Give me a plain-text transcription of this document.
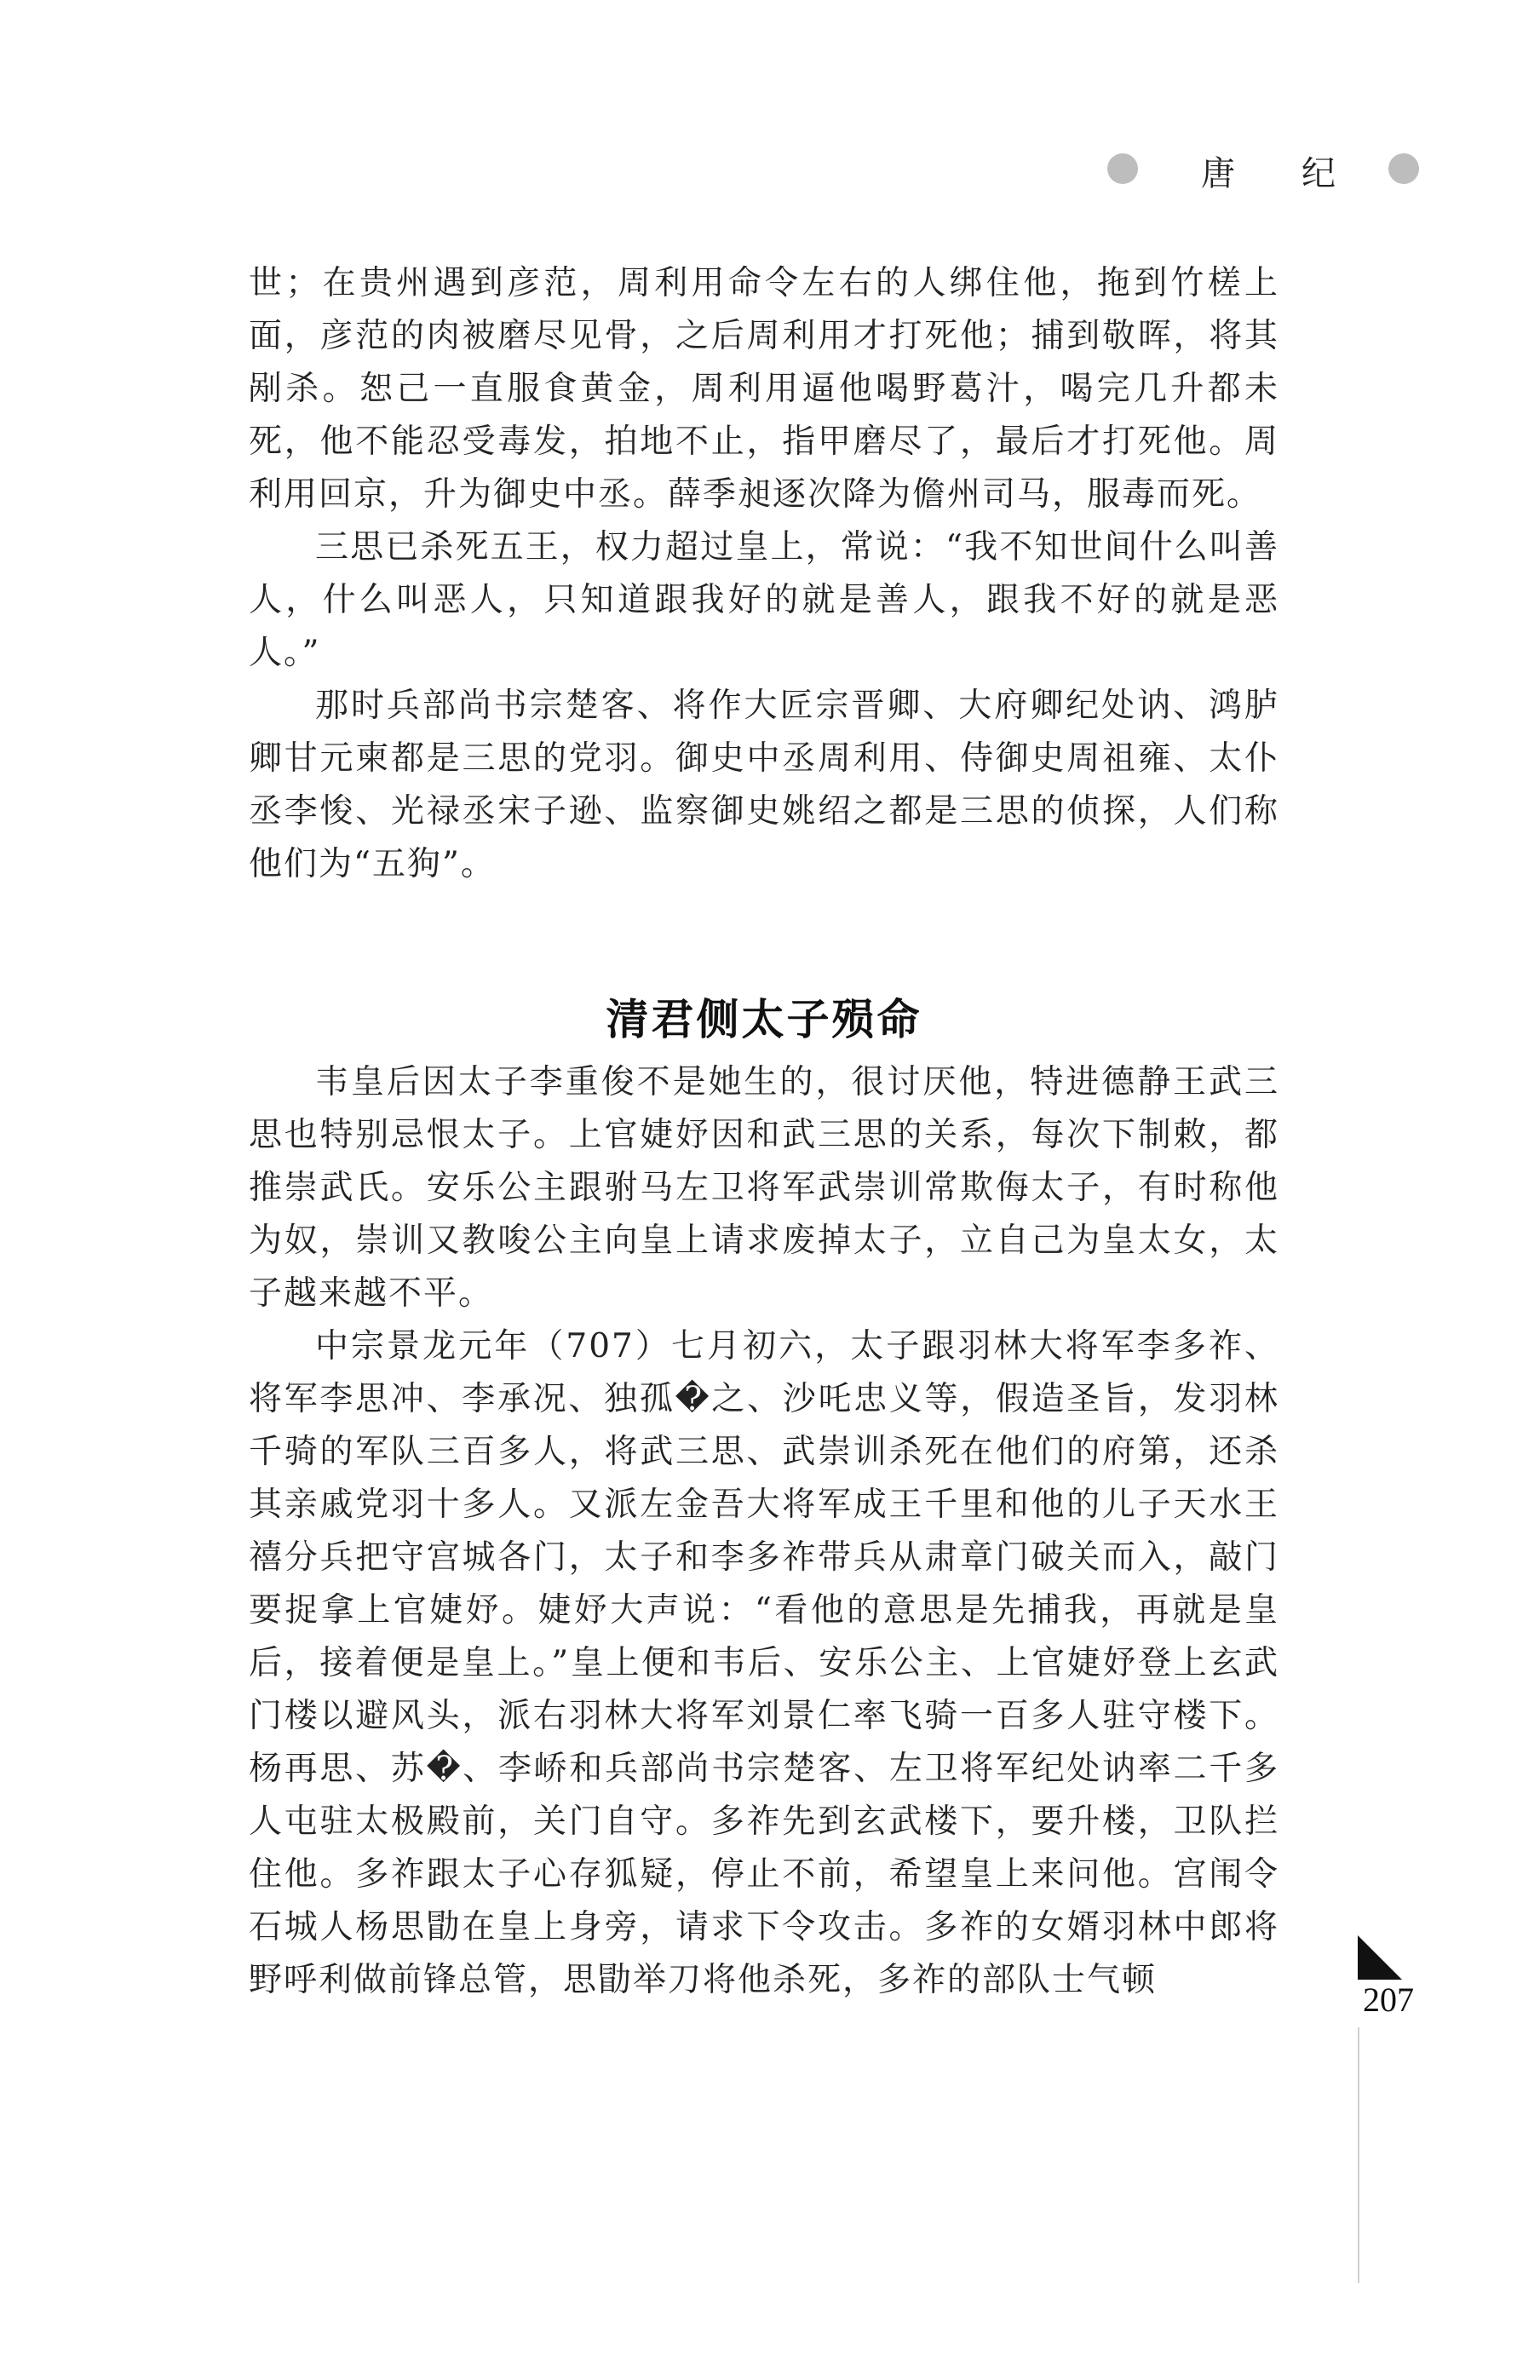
唐 纪

世；在贵州遇到彦范，周利用命令左右的人绑住他，拖到竹槎上面，彦范的肉被磨尽见骨，之后周利用才打死他；捕到敬晖，将其剐杀。恕己一直服食黄金，周利用逼他喝野葛汁，喝完几升都未死，他不能忍受毒发，拍地不止，指甲磨尽了，最后才打死他。周利用回京，升为御史中丞。薛季昶逐次降为儋州司马，服毒而死。

三思已杀死五王，权力超过皇上，常说：“我不知世间什么叫善人，什么叫恶人，只知道跟我好的就是善人，跟我不好的就是恶人。”

那时兵部尚书宗楚客、将作大匠宗晋卿、大府卿纪处讷、鸿胪卿甘元柬都是三思的党羽。御史中丞周利用、侍御史周祖雍、太仆丞李悛、光禄丞宋子逊、监察御史姚绍之都是三思的侦探，人们称他们为“五狗”。

清君侧太子殒命

韦皇后因太子李重俊不是她生的，很讨厌他，特进德静王武三思也特别忌恨太子。上官婕妤因和武三思的关系，每次下制敕，都推崇武氏。安乐公主跟驸马左卫将军武崇训常欺侮太子，有时称他为奴，崇训又教唆公主向皇上请求废掉太子，立自己为皇太女，太子越来越不平。

中宗景龙元年（707）七月初六，太子跟羽林大将军李多祚、将军李思冲、李承况、独孤�之、沙吒忠义等，假造圣旨，发羽林千骑的军队三百多人，将武三思、武崇训杀死在他们的府第，还杀其亲戚党羽十多人。又派左金吾大将军成王千里和他的儿子天水王禧分兵把守宫城各门，太子和李多祚带兵从肃章门破关而入，敲门要捉拿上官婕妤。婕妤大声说：“看他的意思是先捕我，再就是皇后，接着便是皇上。”皇上便和韦后、安乐公主、上官婕妤登上玄武门楼以避风头，派右羽林大将军刘景仁率飞骑一百多人驻守楼下。杨再思、苏�、李峤和兵部尚书宗楚客、左卫将军纪处讷率二千多人屯驻太极殿前，关门自守。多祚先到玄武楼下，要升楼，卫队拦住他。多祚跟太子心存狐疑，停止不前，希望皇上来问他。宫闱令石城人杨思勖在皇上身旁，请求下令攻击。多祚的女婿羽林中郎将野呼利做前锋总管，思勖举刀将他杀死，多祚的部队士气顿

207
